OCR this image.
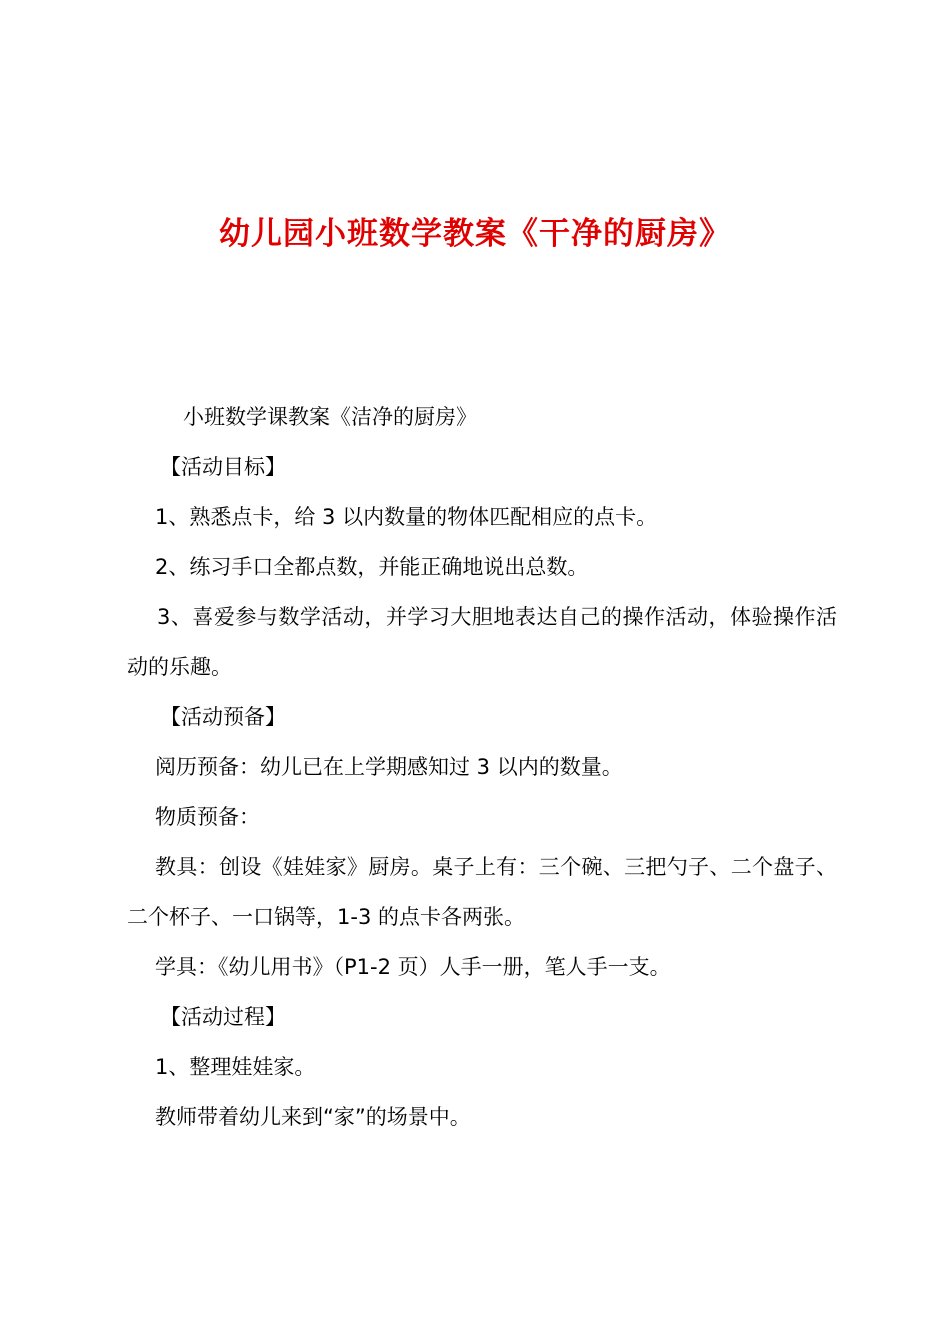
幼儿园小班数学教案《干净的厨房》

小班数学课教案《洁净的厨房》

【活动目标】

1、熟悉点卡，给 3 以内数量的物体匹配相应的点卡。

2、练习手口全都点数，并能正确地说出总数。

3、喜爱参与数学活动，并学习大胆地表达自己的操作活动，体验操作活动的乐趣。

【活动预备】

阅历预备：幼儿已在上学期感知过 3 以内的数量。

物质预备：

教具：创设《娃娃家》厨房。桌子上有：三个碗、三把勺子、二个盘子、二个杯子、一口锅等，1-3 的点卡各两张。

学具：《幼儿用书》（P1-2 页）人手一册，笔人手一支。

【活动过程】

1、整理娃娃家。

教师带着幼儿来到“家”的场景中。
